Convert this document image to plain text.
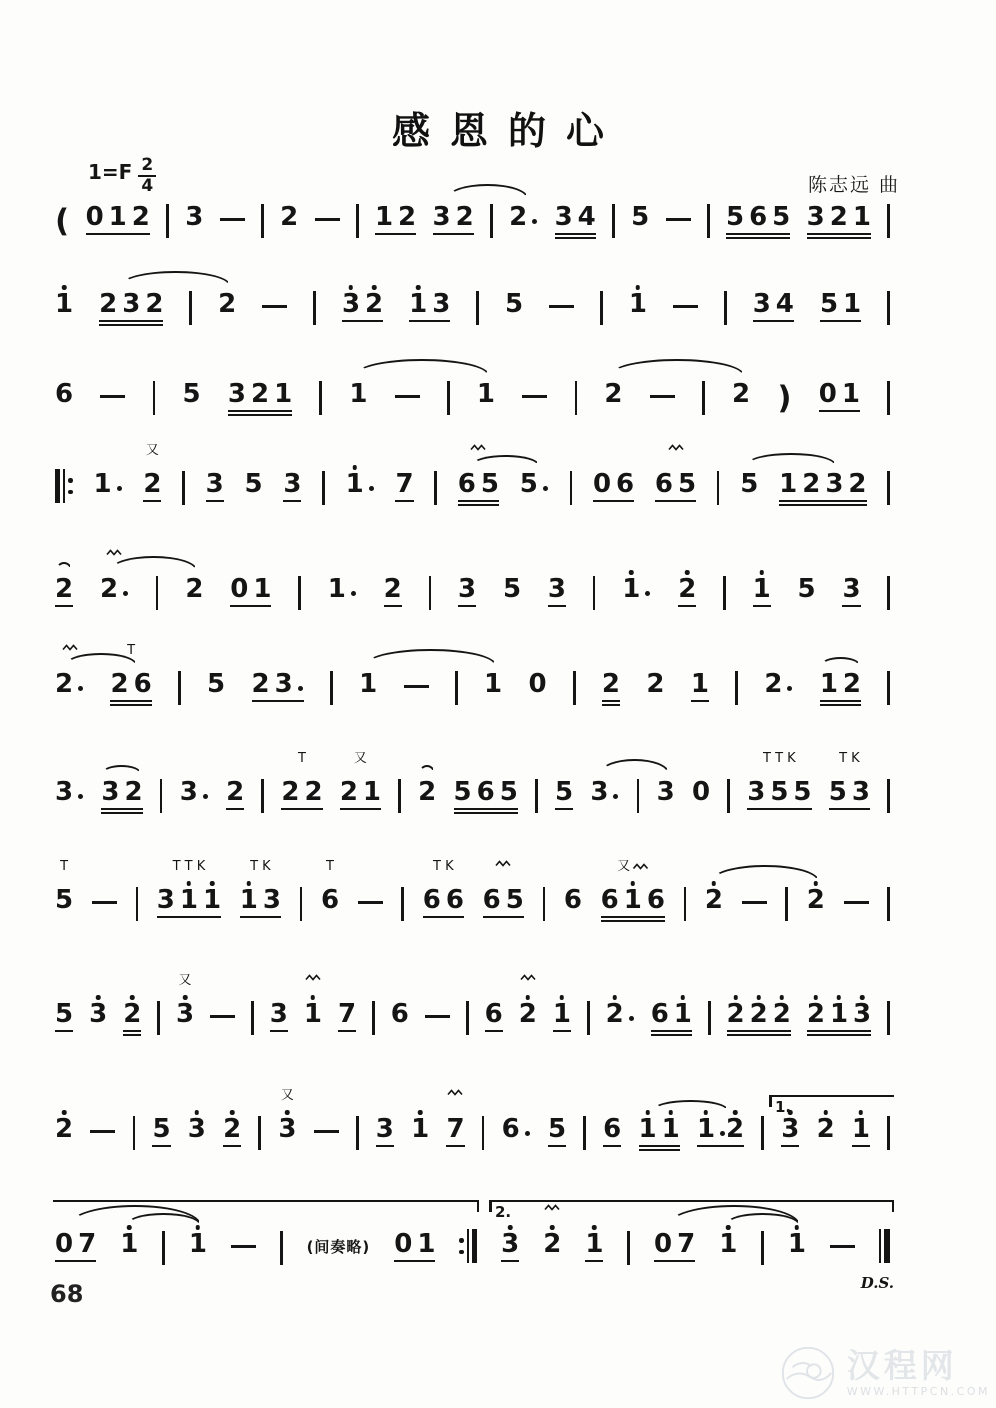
感恩的心
$1=F \frac{2}{4}$	陈志远 曲
( 0 1 2 3	2	1 2 3 2 2 3 4 5	5 6 5 3 2 1
1 2 3 2 2	3 2 1 3 5	1	3 4 5 1
6	5 3 2 1 1	1	2	2 ) 0 1
1
又
2 3 5 3 1 7 6 5 5 0 6 6 5 5 1 2 3 2
2 2	2 0 1 1 2 3 5 3 1 2 1 5 3
2
T
2 6 5 2 3	1	1 0 2 2 1 2 1 2
3 3 2 3 2
T
2 2
又
2 1 2 5 6 5 5 3 3 0
T T K
3 5 5
T K
5 3
T
5
T T K
3 1 1
T K
1 3
T
6
T K
6 6 6 5 6
又
6 1 6 2	2
5 3 2
又
3	3 1 7 6	6 2 1 2 6 1 2 2 2 2 1 3
2	5 3 2
又
3	3 1 7 6 5 6 1 1 1 2 3 2 1
1.
0 7 1 1	(间奏略) 0 1	3 2 1 0 7 1 1
2.
D.S.
68
汉程网
WWW.HTTPCN.COM
